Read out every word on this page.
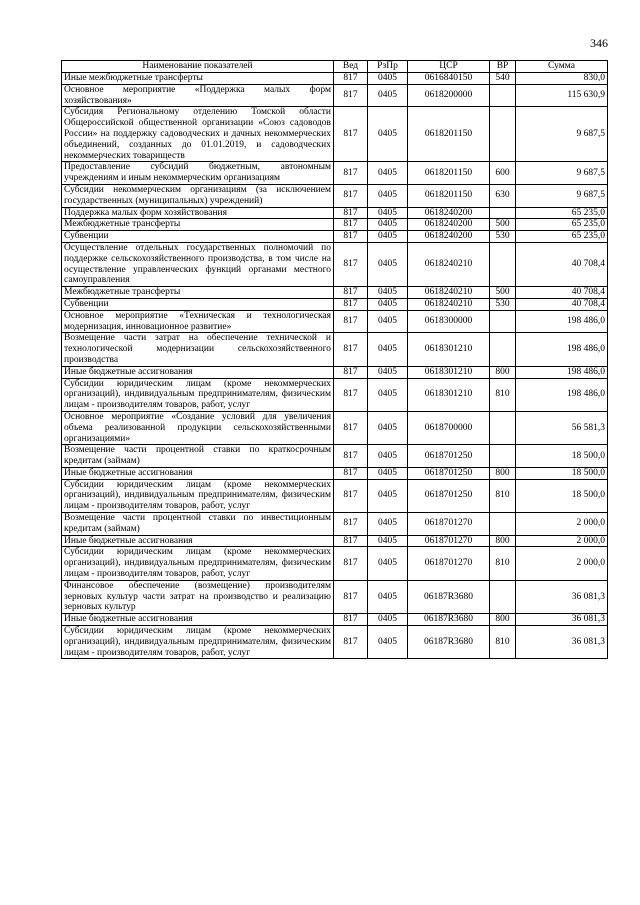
346
Наименование показателей	Вед	РзПр	ЦСР	ВР	Сумма
Иные межбюджетные трансферты	817	0405	0616840150	540	830,0
Основное мероприятие «Поддержка малых форм хозяйствования»	817	0405	0618200000		115 630,9
Субсидия Региональному отделению Томской области Общероссийской общественной организации «Союз садоводов России» на поддержку садоводческих и дачных некоммерческих объединений, созданных до 01.01.2019, и садоводческих некоммерческих товариществ	817	0405	0618201150		9 687,5
Предоставление субсидий бюджетным, автономным учреждениям и иным некоммерческим организациям	817	0405	0618201150	600	9 687,5
Субсидии некоммерческим организациям (за исключением государственных (муниципальных) учреждений)	817	0405	0618201150	630	9 687,5
Поддержка малых форм хозяйствования	817	0405	0618240200		65 235,0
Межбюджетные трансферты	817	0405	0618240200	500	65 235,0
Субвенции	817	0405	0618240200	530	65 235,0
Осуществление отдельных государственных полномочий по поддержке сельскохозяйственного производства, в том числе на осуществление управленческих функций органами местного самоуправления	817	0405	0618240210		40 708,4
Межбюджетные трансферты	817	0405	0618240210	500	40 708,4
Субвенции	817	0405	0618240210	530	40 708,4
Основное мероприятие «Техническая и технологическая модернизация, инновационное развитие»	817	0405	0618300000		198 486,0
Возмещение части затрат на обеспечение технической и технологической модернизации сельскохозяйственного производства	817	0405	0618301210		198 486,0
Иные бюджетные ассигнования	817	0405	0618301210	800	198 486,0
Субсидии юридическим лицам (кроме некоммерческих организаций), индивидуальным предпринимателям, физическим лицам - производителям товаров, работ, услуг	817	0405	0618301210	810	198 486,0
Основное мероприятие «Создание условий для увеличения объема реализованной продукции сельскохозяйственными организациями»	817	0405	0618700000		56 581,3
Возмещение части процентной ставки по краткосрочным кредитам (займам)	817	0405	0618701250		18 500,0
Иные бюджетные ассигнования	817	0405	0618701250	800	18 500,0
Субсидии юридическим лицам (кроме некоммерческих организаций), индивидуальным предпринимателям, физическим лицам - производителям товаров, работ, услуг	817	0405	0618701250	810	18 500,0
Возмещение части процентной ставки по инвестиционным кредитам (займам)	817	0405	0618701270		2 000,0
Иные бюджетные ассигнования	817	0405	0618701270	800	2 000,0
Субсидии юридическим лицам (кроме некоммерческих организаций), индивидуальным предпринимателям, физическим лицам - производителям товаров, работ, услуг	817	0405	0618701270	810	2 000,0
Финансовое обеспечение (возмещение) производителям зерновых культур части затрат на производство и реализацию зерновых культур	817	0405	06187R3680		36 081,3
Иные бюджетные ассигнования	817	0405	06187R3680	800	36 081,3
Субсидии юридическим лицам (кроме некоммерческих организаций), индивидуальным предпринимателям, физическим лицам - производителям товаров, работ, услуг	817	0405	06187R3680	810	36 081,3
